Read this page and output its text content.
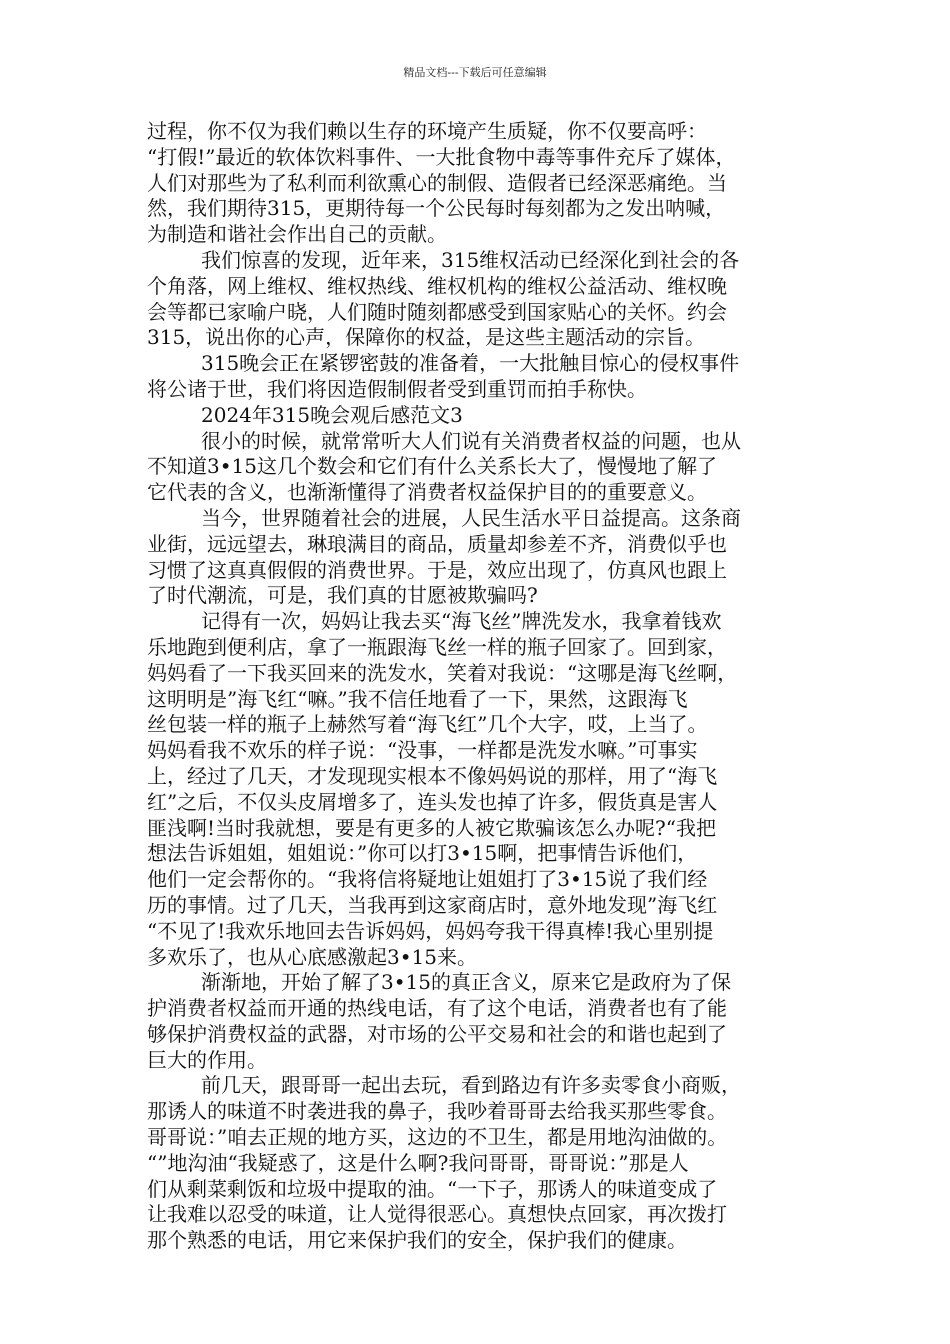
精品文档---下载后可任意编辑
过程，你不仅为我们赖以生存的环境产生质疑，你不仅要高呼：
“打假!”最近的软体饮料事件、一大批食物中毒等事件充斥了媒体，
人们对那些为了私利而利欲熏心的制假、造假者已经深恶痛绝。当
然，我们期待315，更期待每一个公民每时每刻都为之发出呐喊，
为制造和谐社会作出自己的贡献。
我们惊喜的发现，近年来，315维权活动已经深化到社会的各
个角落，网上维权、维权热线、维权机构的维权公益活动、维权晚
会等都已家喻户晓，人们随时随刻都感受到国家贴心的关怀。约会
315，说出你的心声，保障你的权益，是这些主题活动的宗旨。
315晚会正在紧锣密鼓的准备着，一大批触目惊心的侵权事件
将公诸于世，我们将因造假制假者受到重罚而拍手称快。
2024年315晚会观后感范文3
很小的时候，就常常听大人们说有关消费者权益的问题，也从
不知道3•15这几个数会和它们有什么关系长大了，慢慢地了解了
它代表的含义，也渐渐懂得了消费者权益保护目的的重要意义。
当今，世界随着社会的进展，人民生活水平日益提高。这条商
业街，远远望去，琳琅满目的商品，质量却参差不齐，消费似乎也
习惯了这真真假假的消费世界。于是，效应出现了，仿真风也跟上
了时代潮流，可是，我们真的甘愿被欺骗吗?
记得有一次，妈妈让我去买“海飞丝”牌洗发水，我拿着钱欢
乐地跑到便利店，拿了一瓶跟海飞丝一样的瓶子回家了。回到家，
妈妈看了一下我买回来的洗发水，笑着对我说：“这哪是海飞丝啊，
这明明是”海飞红“嘛。”我不信任地看了一下，果然，这跟海飞
丝包装一样的瓶子上赫然写着“海飞红”几个大字，哎，上当了。
妈妈看我不欢乐的样子说：“没事，一样都是洗发水嘛。”可事实
上，经过了几天，才发现现实根本不像妈妈说的那样，用了“海飞
红”之后，不仅头皮屑增多了，连头发也掉了许多，假货真是害人
匪浅啊!当时我就想，要是有更多的人被它欺骗该怎么办呢?“我把
想法告诉姐姐，姐姐说：”你可以打3•15啊，把事情告诉他们，
他们一定会帮你的。“我将信将疑地让姐姐打了3•15说了我们经
历的事情。过了几天，当我再到这家商店时，意外地发现”海飞红
“不见了!我欢乐地回去告诉妈妈，妈妈夸我干得真棒!我心里别提
多欢乐了，也从心底感激起3•15来。
渐渐地，开始了解了3•15的真正含义，原来它是政府为了保
护消费者权益而开通的热线电话，有了这个电话，消费者也有了能
够保护消费权益的武器，对市场的公平交易和社会的和谐也起到了
巨大的作用。
前几天，跟哥哥一起出去玩，看到路边有许多卖零食小商贩，
那诱人的味道不时袭进我的鼻子，我吵着哥哥去给我买那些零食。
哥哥说：”咱去正规的地方买，这边的不卫生，都是用地沟油做的。
“”地沟油“我疑惑了，这是什么啊?我问哥哥，哥哥说：”那是人
们从剩菜剩饭和垃圾中提取的油。“一下子，那诱人的味道变成了
让我难以忍受的味道，让人觉得很恶心。真想快点回家，再次拨打
那个熟悉的电话，用它来保护我们的安全，保护我们的健康。
